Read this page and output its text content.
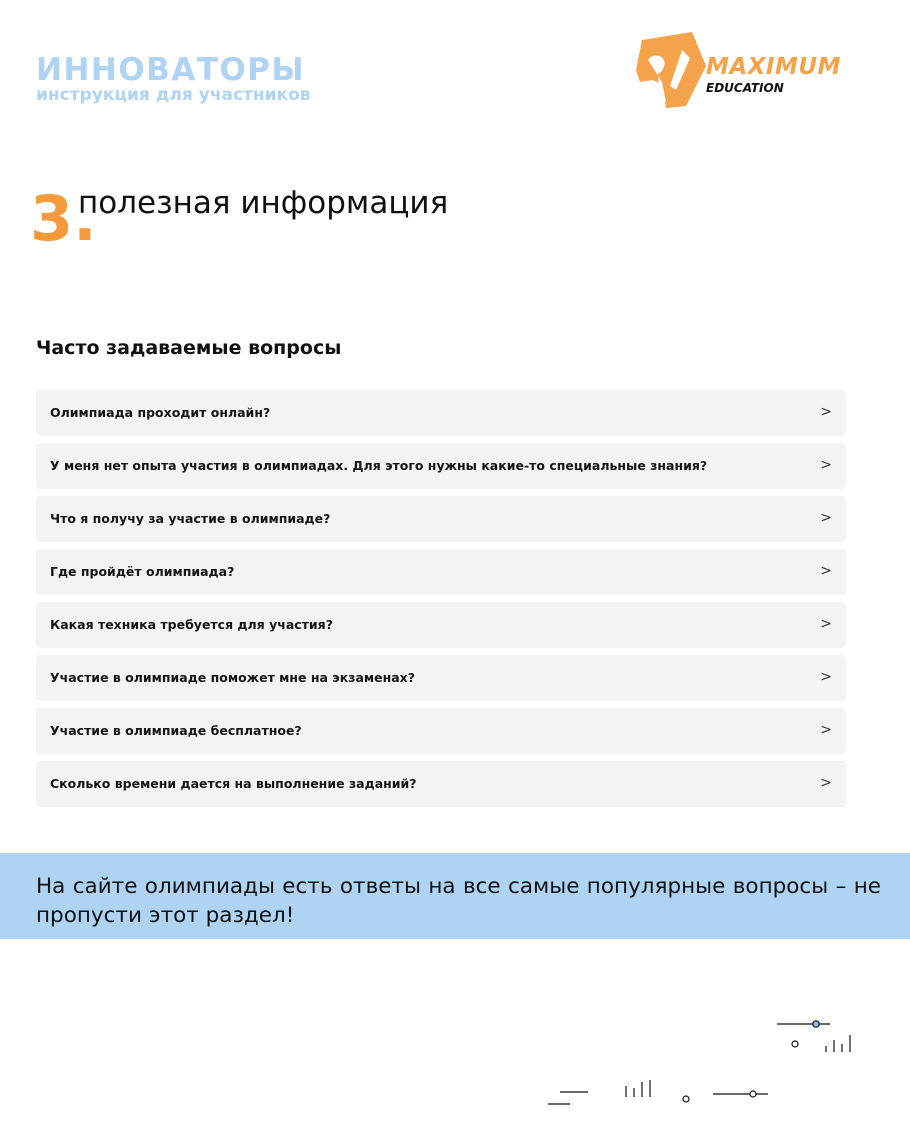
ИННОВАТОРЫ
инструкция для участников
MAXIMUM
EDUCATION
3.
полезная информация
Часто задаваемые вопросы
Олимпиада проходит онлайн?	>
У меня нет опыта участия в олимпиадах. Для этого нужны какие-то специальные знания?	>
Что я получу за участие в олимпиаде?	>
Где пройдёт олимпиада?	>
Какая техника требуется для участия?	>
Участие в олимпиаде поможет мне на экзаменах?	>
Участие в олимпиаде бесплатное?	>
Сколько времени дается на выполнение заданий?	>
На сайте олимпиады есть ответы на все самые популярные вопросы – не пропусти этот раздел!
